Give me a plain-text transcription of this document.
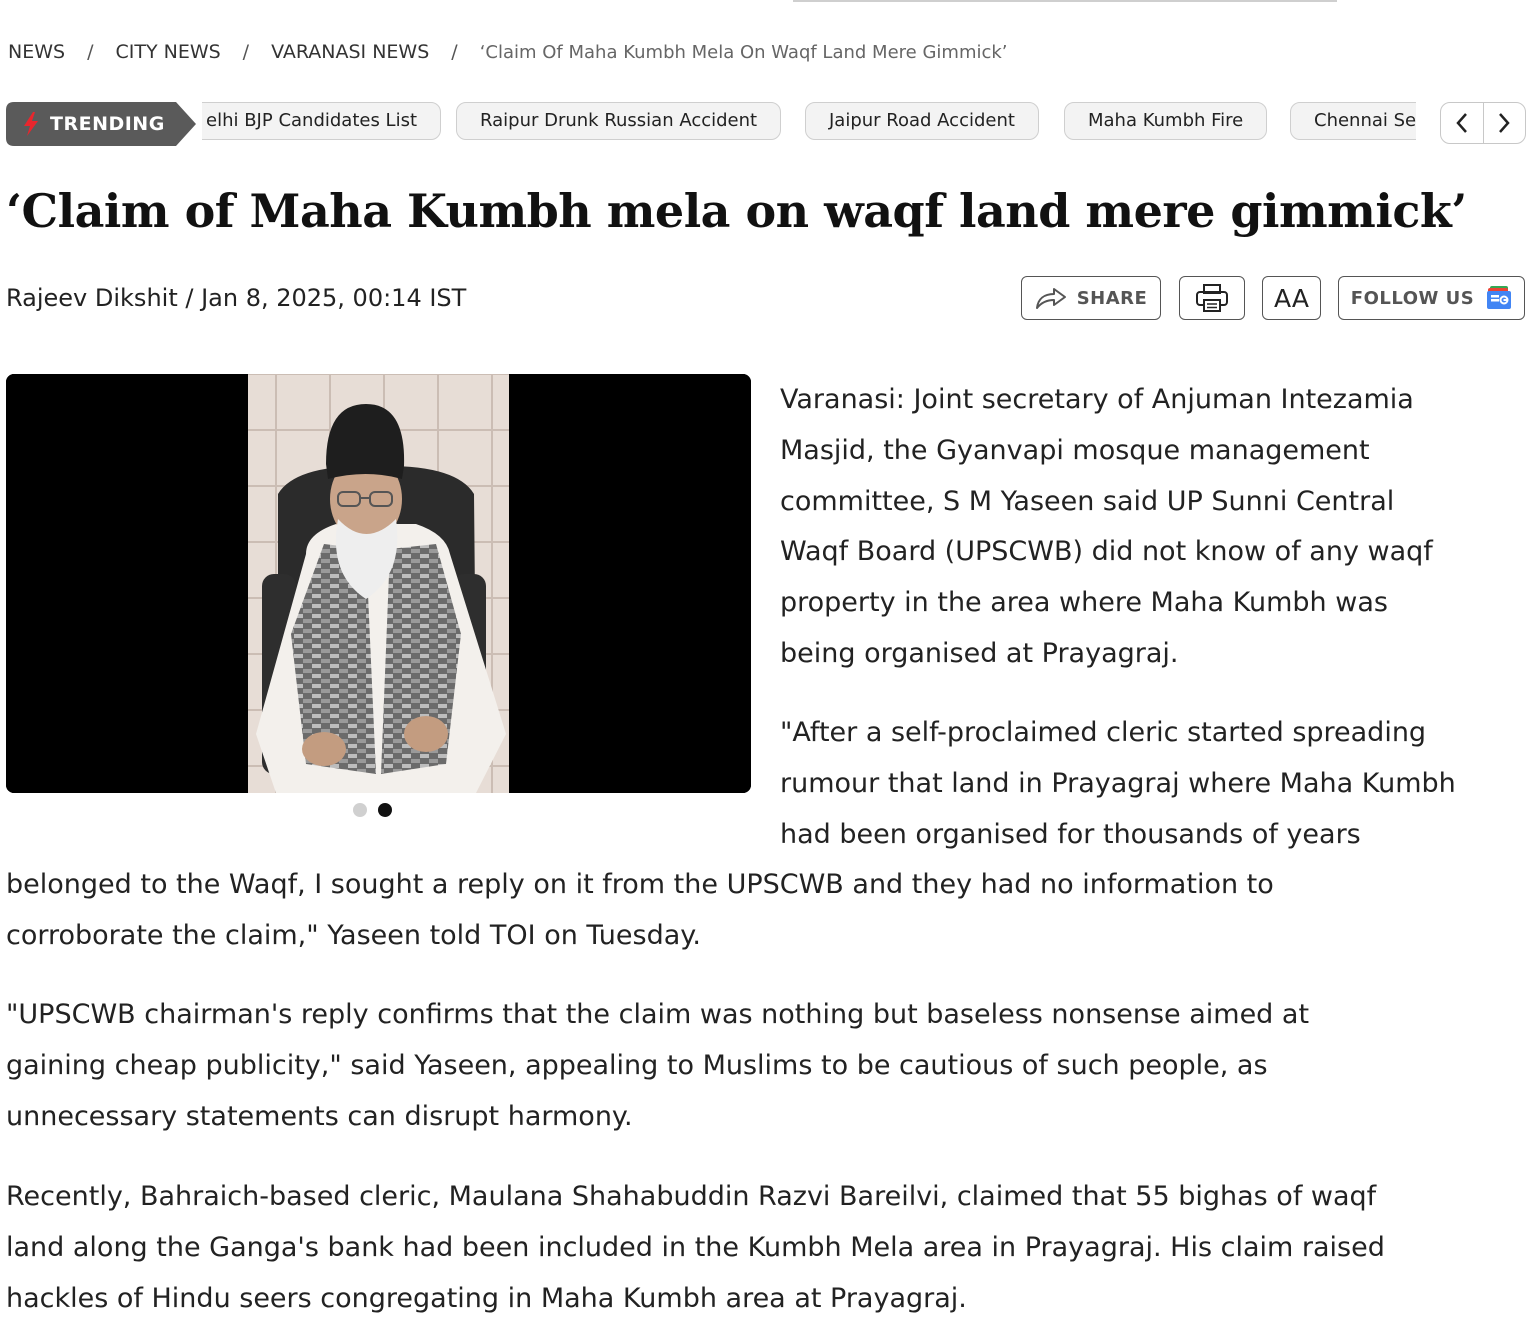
NEWS / CITY NEWS / VARANASI NEWS / ‘Claim Of Maha Kumbh Mela On Waqf Land Mere Gimmick’
TRENDING	elhi BJP Candidates List	Raipur Drunk Russian Accident	Jaipur Road Accident	Maha Kumbh Fire	Chennai Se
‘Claim of Maha Kumbh mela on waqf land mere gimmick’
Rajeev Dikshit / Jan 8, 2025, 00:14 IST	SHARE	AA FOLLOW US

Varanasi: Joint secretary of Anjuman Intezamia
Masjid, the Gyanvapi mosque management
committee, S M Yaseen said UP Sunni Central
Waqf Board (UPSCWB) did not know of any waqf
property in the area where Maha Kumbh was
being organised at Prayagraj.

"After a self-proclaimed cleric started spreading
rumour that land in Prayagraj where Maha Kumbh
had been organised for thousands of years
belonged to the Waqf, I sought a reply on it from the UPSCWB and they had no information to
corroborate the claim," Yaseen told TOI on Tuesday.

"UPSCWB chairman's reply confirms that the claim was nothing but baseless nonsense aimed at
gaining cheap publicity," said Yaseen, appealing to Muslims to be cautious of such people, as
unnecessary statements can disrupt harmony.

Recently, Bahraich-based cleric, Maulana Shahabuddin Razvi Bareilvi, claimed that 55 bighas of waqf
land along the Ganga's bank had been included in the Kumbh Mela area in Prayagraj. His claim raised
hackles of Hindu seers congregating in Maha Kumbh area at Prayagraj.
